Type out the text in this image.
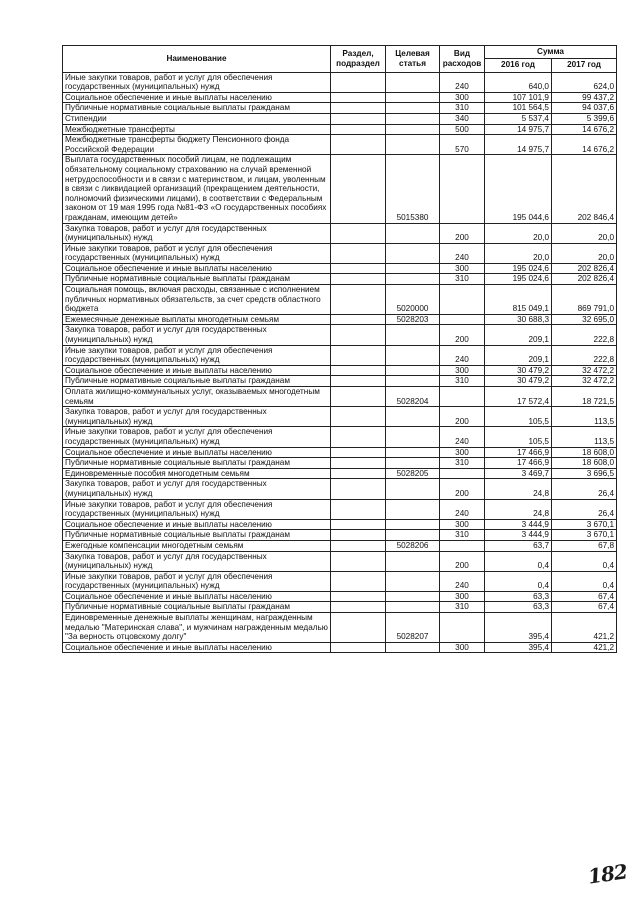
Наименование	Раздел, подраздел	Целевая статья	Вид расходов	Сумма	
				2016 год	2017 год
Иные закупки товаров, работ и услуг для обеспечения государственных (муниципальных) нужд			240	640,0	624,0
Социальное обеспечение и иные выплаты населению			300	107 101,9	99 437,2
Публичные нормативные социальные выплаты гражданам			310	101 564,5	94 037,6
Стипендии			340	5 537,4	5 399,6
Межбюджетные трансферты			500	14 975,7	14 676,2
Межбюджетные трансферты бюджету Пенсионного фонда Российской Федерации			570	14 975,7	14 676,2
Выплата государственных пособий лицам, не подлежащим обязательному социальному страхованию на случай временной нетрудоспособности и в связи с материнством, и лицам, уволенным в связи с ликвидацией организаций (прекращением деятельности, полномочий физическими лицами), в соответствии с Федеральным законом от 19 мая 1995 года №81-ФЗ «О государственных пособиях гражданам, имеющим детей»		5015380		195 044,6	202 846,4
Закупка товаров, работ и услуг для государственных (муниципальных) нужд			200	20,0	20,0
Иные закупки товаров, работ и услуг для обеспечения государственных (муниципальных) нужд			240	20,0	20,0
Социальное обеспечение и иные выплаты населению			300	195 024,6	202 826,4
Публичные нормативные социальные выплаты гражданам			310	195 024,6	202 826,4
Социальная помощь, включая расходы, связанные с исполнением публичных нормативных обязательств, за счет средств областного бюджета		5020000		815 049,1	869 791,0
Ежемесячные денежные выплаты многодетным семьям		5028203		30 688,3	32 695,0
Закупка товаров, работ и услуг для государственных (муниципальных) нужд			200	209,1	222,8
Иные закупки товаров, работ и услуг для обеспечения государственных (муниципальных) нужд			240	209,1	222,8
Социальное обеспечение и иные выплаты населению			300	30 479,2	32 472,2
Публичные нормативные социальные выплаты гражданам			310	30 479,2	32 472,2
Оплата жилищно-коммунальных услуг, оказываемых многодетным семьям		5028204		17 572,4	18 721,5
Закупка товаров, работ и услуг для государственных (муниципальных) нужд			200	105,5	113,5
Иные закупки товаров, работ и услуг для обеспечения государственных (муниципальных) нужд			240	105,5	113,5
Социальное обеспечение и иные выплаты населению			300	17 466,9	18 608,0
Публичные нормативные социальные выплаты гражданам			310	17 466,9	18 608,0
Единовременные пособия многодетным семьям		5028205		3 469,7	3 696,5
Закупка товаров, работ и услуг для государственных (муниципальных) нужд			200	24,8	26,4
Иные закупки товаров, работ и услуг для обеспечения государственных (муниципальных) нужд			240	24,8	26,4
Социальное обеспечение и иные выплаты населению			300	3 444,9	3 670,1
Публичные нормативные социальные выплаты гражданам			310	3 444,9	3 670,1
Ежегодные компенсации многодетным семьям		5028206		63,7	67,8
Закупка товаров, работ и услуг для государственных (муниципальных) нужд			200	0,4	0,4
Иные закупки товаров, работ и услуг для обеспечения государственных (муниципальных) нужд			240	0,4	0,4
Социальное обеспечение и иные выплаты населению			300	63,3	67,4
Публичные нормативные социальные выплаты гражданам			310	63,3	67,4
Единовременные денежные выплаты женщинам, награжденным медалью "Материнская слава", и мужчинам награжденным медалью "За верность отцовскому долгу"		5028207		395,4	421,2
Социальное обеспечение и иные выплаты населению			300	395,4	421,2
182
